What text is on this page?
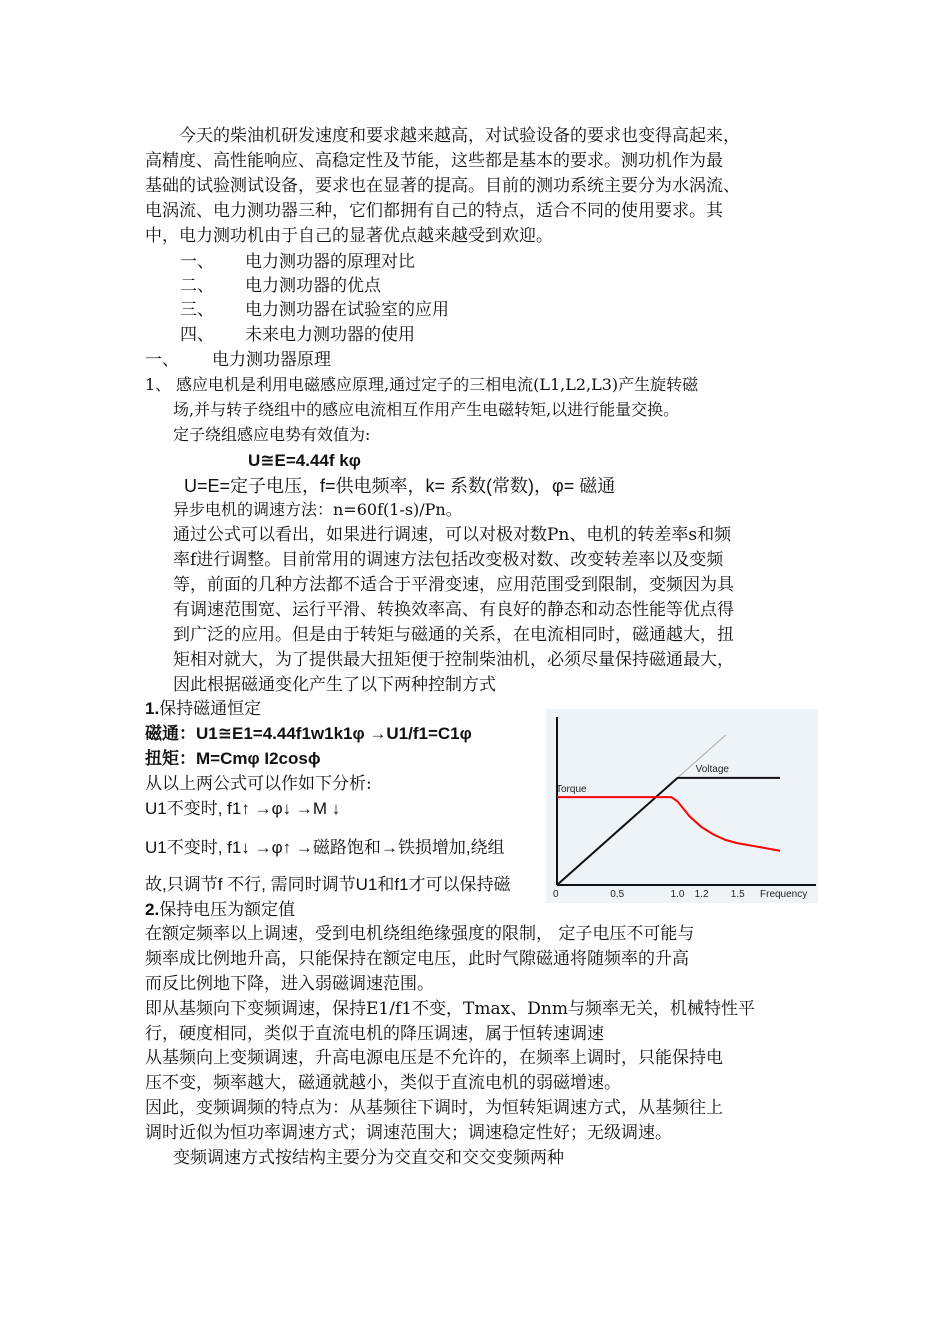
今天的柴油机研发速度和要求越来越高，对试验设备的要求也变得高起来，
高精度、高性能响应、高稳定性及节能，这些都是基本的要求。测功机作为最
基础的试验测试设备，要求也在显著的提高。目前的测功系统主要分为水涡流、
电涡流、电力测功器三种，它们都拥有自己的特点，适合不同的使用要求。其
中，电力测功机由于自己的显著优点越来越受到欢迎。
一、 电力测功器的原理对比
二、 电力测功器的优点
三、 电力测功器在试验室的应用
四、 未来电力测功器的使用
一、 电力测功器原理
1、 感应电机是利用电磁感应原理,通过定子的三相电流(L1,L2,L3)产生旋转磁
场,并与转子绕组中的感应电流相互作用产生电磁转矩,以进行能量交换。
定子绕组感应电势有效值为:
U≅E=4.44f kφ
U=E=定子电压，f=供电频率，k= 系数(常数)，φ= 磁通
异步电机的调速方法：n=60f(1-s)/Pn。
通过公式可以看出，如果进行调速，可以对极对数Pn、电机的转差率s和频
率f进行调整。目前常用的调速方法包括改变极对数、改变转差率以及变频
等，前面的几种方法都不适合于平滑变速，应用范围受到限制，变频因为具
有调速范围宽、运行平滑、转换效率高、有良好的静态和动态性能等优点得
到广泛的应用。但是由于转矩与磁通的关系，在电流相同时，磁通越大，扭
矩相对就大，为了提供最大扭矩便于控制柴油机，必须尽量保持磁通最大，
因此根据磁通变化产生了以下两种控制方式
1.保持磁通恒定
磁通：U1≅E1=4.44f1w1k1φ →U1/f1=C1φ
扭矩：M=Cmφ I2cosϕ
从以上两公式可以作如下分析:
U1不变时, f1↑ →φ↓ →M ↓
U1不变时, f1↓ →φ↑ →磁路饱和→铁损增加,绕组
故,只调节f 不行, 需同时调节U1和f1才可以保持磁
Voltage
Torque
0	0.5	1.0 1.2 1.5 Frequency
2.保持电压为额定值
在额定频率以上调速，受到电机绕组绝缘强度的限制， 定子电压不可能与
频率成比例地升高，只能保持在额定电压，此时气隙磁通将随频率的升高
而反比例地下降，进入弱磁调速范围。
即从基频向下变频调速，保持E1/f1不变，Tmax、Dnm与频率无关，机械特性平
行，硬度相同，类似于直流电机的降压调速，属于恒转速调速
从基频向上变频调速，升高电源电压是不允许的，在频率上调时，只能保持电
压不变，频率越大，磁通就越小，类似于直流电机的弱磁增速。
因此，变频调频的特点为：从基频往下调时，为恒转矩调速方式，从基频往上
调时近似为恒功率调速方式；调速范围大；调速稳定性好；无级调速。
变频调速方式按结构主要分为交直交和交交变频两种
